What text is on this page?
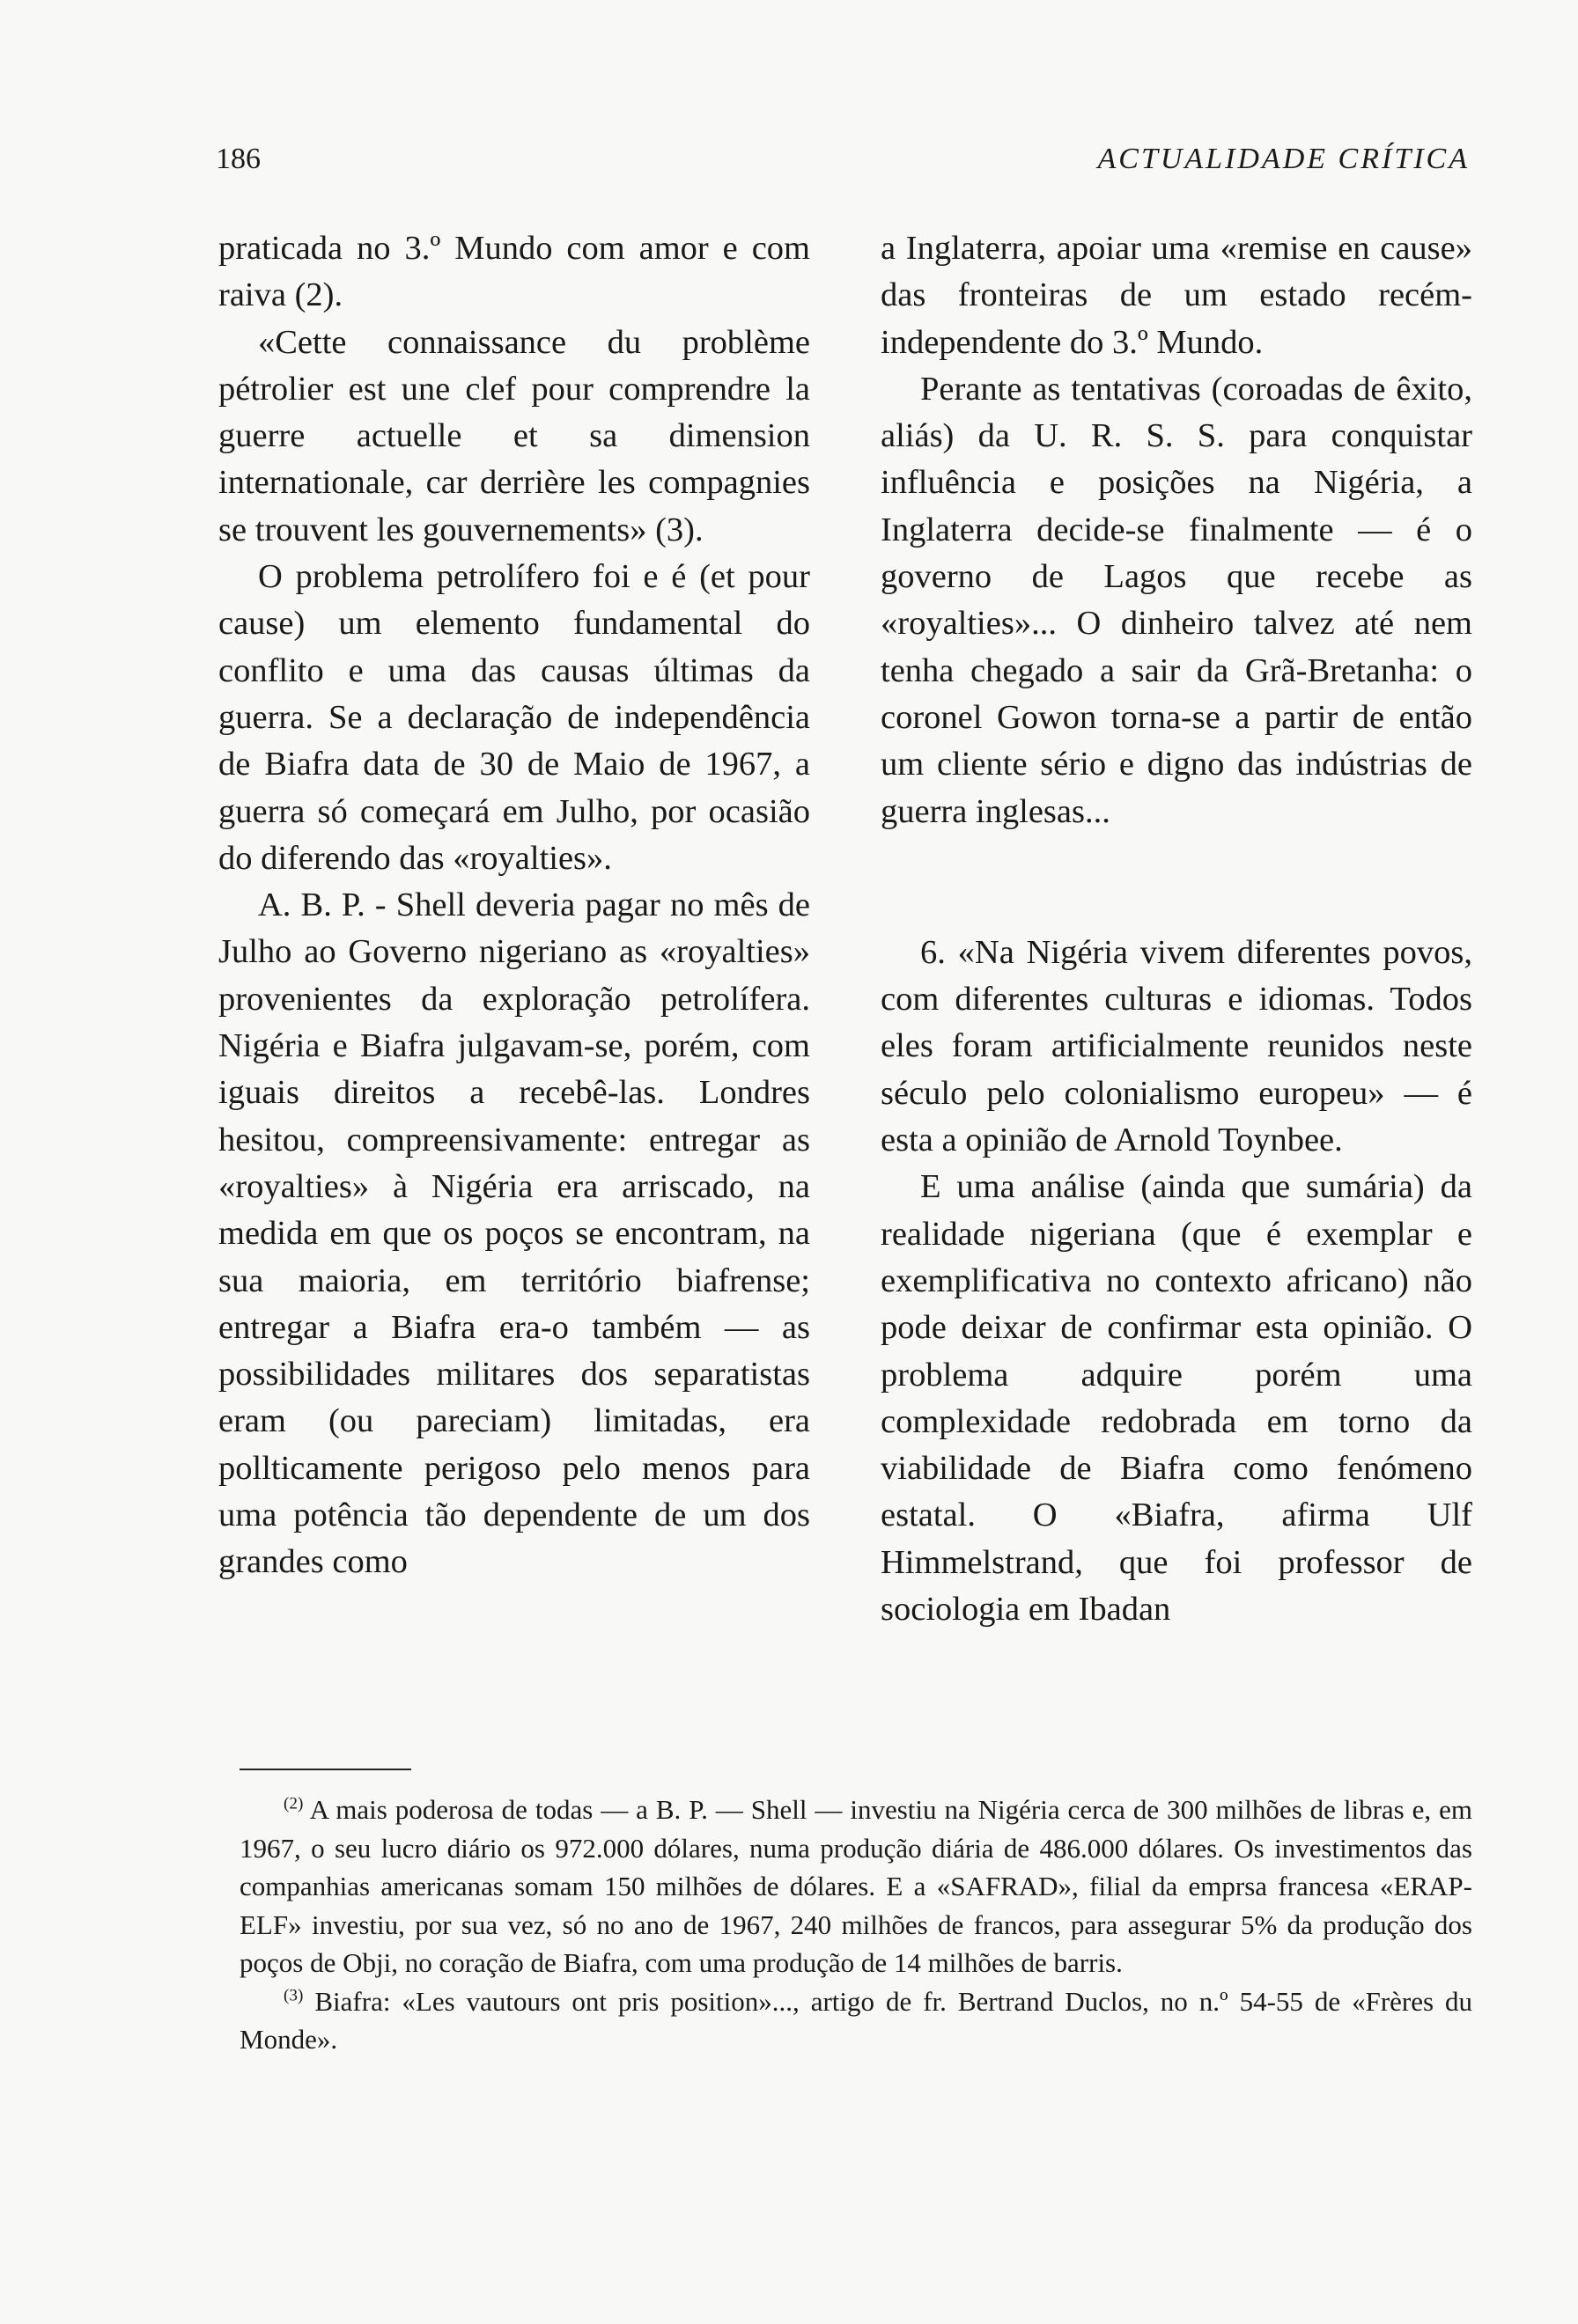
186	ACTUALIDADE CRÍTICA

praticada no 3.º Mundo com amor e com raiva (2).

«Cette connaissance du problème pétrolier est une clef pour comprendre la guerre actuelle et sa dimension internationale, car derrière les compagnies se trouvent les gouvernements» (3).

O problema petrolífero foi e é (et pour cause) um elemento fundamental do conflito e uma das causas últimas da guerra. Se a declaração de independência de Biafra data de 30 de Maio de 1967, a guerra só começará em Julho, por ocasião do diferendo das «royalties».

A. B. P. - Shell deveria pagar no mês de Julho ao Governo nigeriano as «royalties» provenientes da exploração petrolífera. Nigéria e Biafra julgavam-se, porém, com iguais direitos a recebê-las. Londres hesitou, compreensivamente: entregar as «royalties» à Nigéria era arriscado, na medida em que os poços se encontram, na sua maioria, em território biafrense; entregar a Biafra era-o também — as possibilidades militares dos separatistas eram (ou pareciam) limitadas, era pollticamente perigoso pelo menos para uma potência tão dependente de um dos grandes como

a Inglaterra, apoiar uma «remise en cause» das fronteiras de um estado recém-independente do 3.º Mundo.

Perante as tentativas (coroadas de êxito, aliás) da U. R. S. S. para conquistar influência e posições na Nigéria, a Inglaterra decide-se finalmente — é o governo de Lagos que recebe as «royalties»... O dinheiro talvez até nem tenha chegado a sair da Grã-Bretanha: o coronel Gowon torna-se a partir de então um cliente sério e digno das indústrias de guerra inglesas...

6. «Na Nigéria vivem diferentes povos, com diferentes culturas e idiomas. Todos eles foram artificialmente reunidos neste século pelo colonialismo europeu» — é esta a opinião de Arnold Toynbee.

E uma análise (ainda que sumária) da realidade nigeriana (que é exemplar e exemplificativa no contexto africano) não pode deixar de confirmar esta opinião. O problema adquire porém uma complexidade redobrada em torno da viabilidade de Biafra como fenómeno estatal. O «Biafra, afirma Ulf Himmelstrand, que foi professor de sociologia em Ibadan

$^{(2)}$ A mais poderosa de todas — a B. P. — Shell — investiu na Nigéria cerca de 300 milhões de libras e, em 1967, o seu lucro diário os 972.000 dólares, numa produção diária de 486.000 dólares. Os investimentos das companhias americanas somam 150 milhões de dólares. E a «SAFRAD», filial da emprsa francesa «ERAP-ELF» investiu, por sua vez, só no ano de 1967, 240 milhões de francos, para assegurar 5% da produção dos poços de Obji, no coração de Biafra, com uma produção de 14 milhões de barris.

$^{(3)}$ Biafra: «Les vautours ont pris position»..., artigo de fr. Bertrand Duclos, no n.º 54-55 de «Frères du Monde».
